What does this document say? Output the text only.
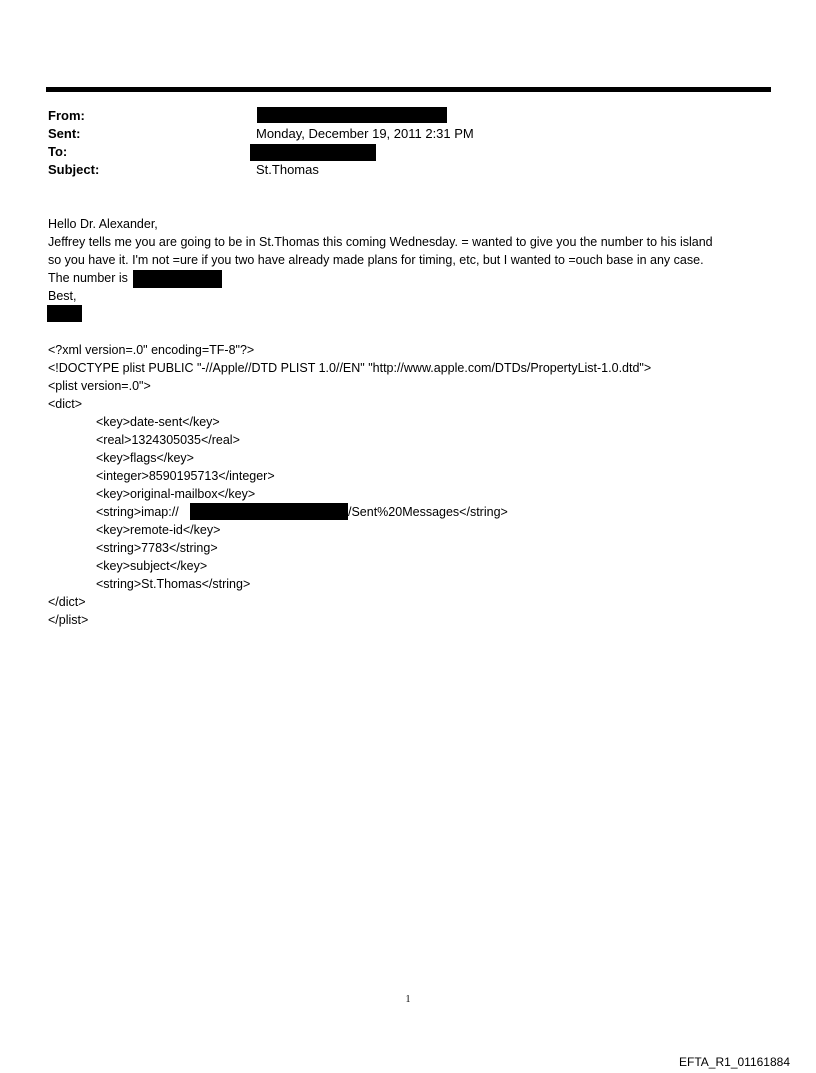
From:
Sent:	Monday, December 19, 2011 2:31 PM
To:
Subject:	St.Thomas
Hello Dr. Alexander,
Jeffrey tells me you are going to be in St.Thomas this coming Wednesday. = wanted to give you the number to his island
so you have it. I'm not =ure if you two have already made plans for timing, etc, but I wanted to =ouch base in any case.
The number is
Best,
<?xml version=.0" encoding=TF-8"?>
<!DOCTYPE plist PUBLIC "-//Apple//DTD PLIST 1.0//EN" "http://www.apple.com/DTDs/PropertyList-1.0.dtd">
<plist version=.0">
<dict>
<key>date-sent</key>
<real>1324305035</real>
<key>flags</key>
<integer>8590195713</integer>
<key>original-mailbox</key>
<string>imap://	/Sent%20Messages</string>
<key>remote-id</key>
<string>7783</string>
<key>subject</key>
<string>St.Thomas</string>
</dict>
</plist>
1
EFTA_R1_01161884
